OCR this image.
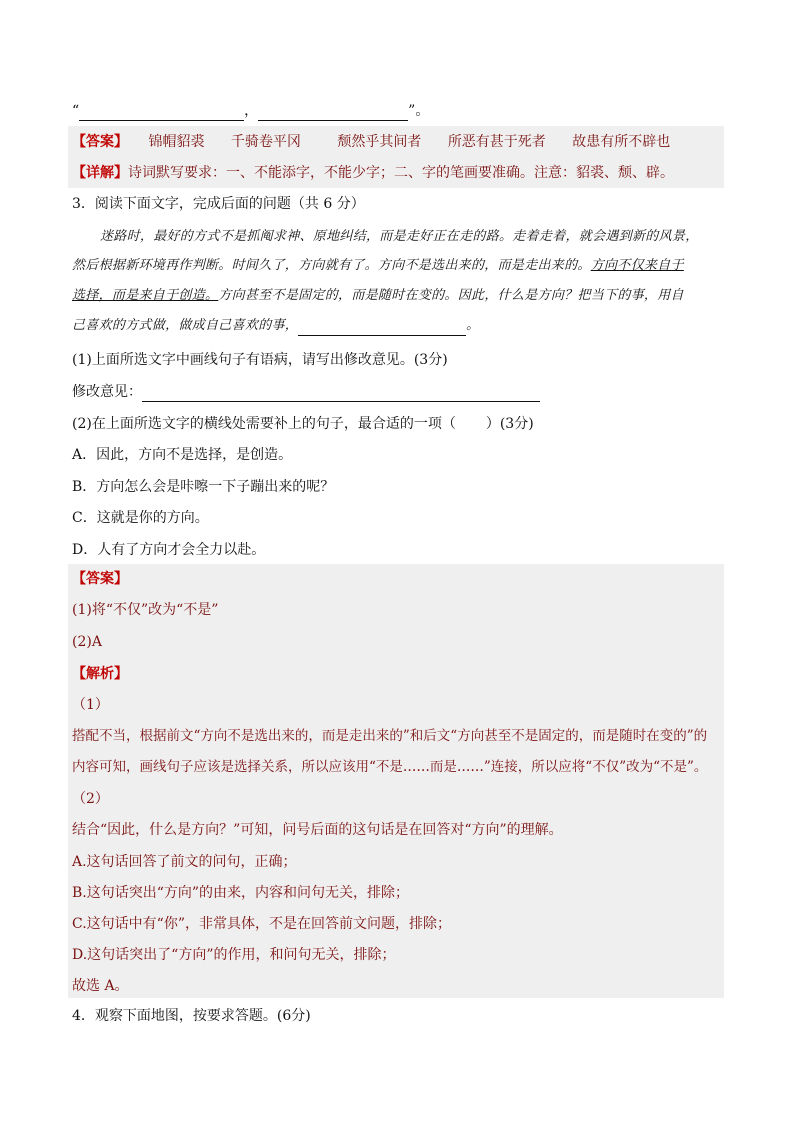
“	，	”。
【答案】 锦帽貂裘 千骑卷平冈	颓然乎其间者 所恶有甚于死者 故患有所不辟也
【详解】诗词默写要求：一、不能添字，不能少字；二、字的笔画要准确。注意：貂裘、颓、辟。
3．阅读下面文字，完成后面的问题（共 6 分）
迷路时，最好的方式不是抓阄求神、原地纠结，而是走好正在走的路。走着走着，就会遇到新的风景，
然后根据新环境再作判断。时间久了，方向就有了。方向不是选出来的，而是走出来的。方向不仅来自于
选择，而是来自于创造。方向甚至不是固定的，而是随时在变的。因此，什么是方向？把当下的事，用自
己喜欢的方式做，做成自己喜欢的事，	。
(1)上面所选文字中画线句子有语病，请写出修改意见。(3分)
修改意见：
(2)在上面所选文字的横线处需要补上的句子，最合适的一项（ ）(3分)
A．因此，方向不是选择，是创造。
B．方向怎么会是咔嚓一下子蹦出来的呢？
C．这就是你的方向。
D．人有了方向才会全力以赴。
【答案】
(1)将“不仅”改为“不是”
(2)A
【解析】
（1）
搭配不当，根据前文“方向不是选出来的，而是走出来的”和后文“方向甚至不是固定的，而是随时在变的”的
内容可知，画线句子应该是选择关系，所以应该用“不是……而是……”连接，所以应将“不仅”改为“不是”。
（2）
结合“因此，什么是方向？”可知，问号后面的这句话是在回答对“方向”的理解。
A.这句话回答了前文的问句，正确；
B.这句话突出“方向”的由来，内容和问句无关，排除；
C.这句话中有“你”，非常具体，不是在回答前文问题，排除；
D.这句话突出了“方向”的作用，和问句无关，排除；
故选 A。
4．观察下面地图，按要求答题。(6分)
